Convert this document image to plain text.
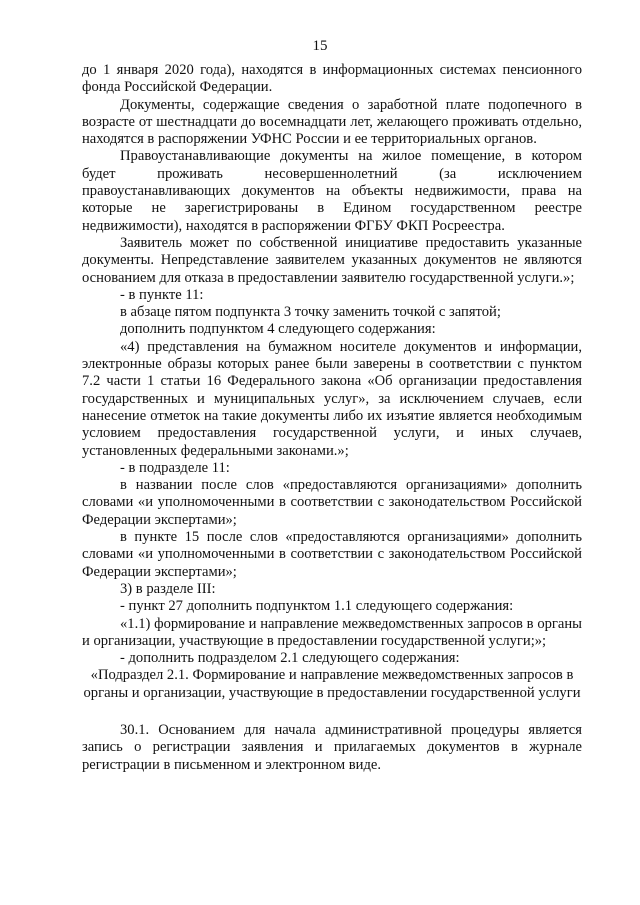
15

до 1 января 2020 года), находятся в информационных системах пенсионного фонда Российской Федерации.

Документы, содержащие сведения о заработной плате подопечного в возрасте от шестнадцати до восемнадцати лет, желающего проживать отдельно, находятся в распоряжении УФНС России и ее территориальных органов.

Правоустанавливающие документы на жилое помещение, в котором будет проживать несовершеннолетний (за исключением правоустанавливающих документов на объекты недвижимости, права на которые не зарегистрированы в Едином государственном реестре недвижимости), находятся в распоряжении ФГБУ ФКП Росреестра.

Заявитель может по собственной инициативе предоставить указанные документы. Непредставление заявителем указанных документов не являются основанием для отказа в предоставлении заявителю государственной услуги.»;

- в пункте 11:

в абзаце пятом подпункта 3 точку заменить точкой с запятой;

дополнить подпунктом 4 следующего содержания:

«4) представления на бумажном носителе документов и информации, электронные образы которых ранее были заверены в соответствии с пунктом 7.2 части 1 статьи 16 Федерального закона «Об организации предоставления государственных и муниципальных услуг», за исключением случаев, если нанесение отметок на такие документы либо их изъятие является необходимым условием предоставления государственной услуги, и иных случаев, установленных федеральными законами.»;

- в подразделе 11:

в названии после слов «предоставляются организациями» дополнить словами «и уполномоченными в соответствии с законодательством Российской Федерации экспертами»;

в пункте 15 после слов «предоставляются организациями» дополнить словами «и уполномоченными в соответствии с законодательством Российской Федерации экспертами»;

3) в разделе III:

- пункт 27 дополнить подпунктом 1.1 следующего содержания:

«1.1) формирование и направление межведомственных запросов в органы и организации, участвующие в предоставлении государственной услуги;»;

- дополнить подразделом 2.1 следующего содержания:

«Подраздел 2.1. Формирование и направление межведомственных запросов в органы и организации, участвующие в предоставлении государственной услуги

30.1. Основанием для начала административной процедуры является запись о регистрации заявления и прилагаемых документов в журнале регистрации в письменном и электронном виде.
